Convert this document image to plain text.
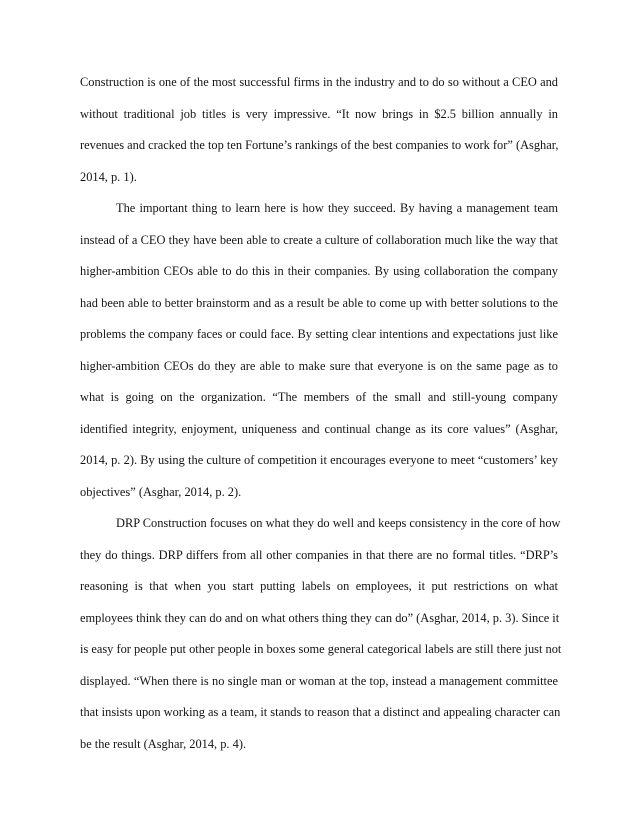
Construction is one of the most successful firms in the industry and to do so without a CEO and
without traditional job titles is very impressive. “It now brings in $2.5 billion annually in
revenues and cracked the top ten Fortune’s rankings of the best companies to work for” (Asghar,
2014, p. 1).
The important thing to learn here is how they succeed. By having a management team
instead of a CEO they have been able to create a culture of collaboration much like the way that
higher-ambition CEOs able to do this in their companies. By using collaboration the company
had been able to better brainstorm and as a result be able to come up with better solutions to the
problems the company faces or could face. By setting clear intentions and expectations just like
higher-ambition CEOs do they are able to make sure that everyone is on the same page as to
what is going on the organization. “The members of the small and still-young company
identified integrity, enjoyment, uniqueness and continual change as its core values” (Asghar,
2014, p. 2). By using the culture of competition it encourages everyone to meet “customers’ key
objectives” (Asghar, 2014, p. 2).
DRP Construction focuses on what they do well and keeps consistency in the core of how
they do things. DRP differs from all other companies in that there are no formal titles. “DRP’s
reasoning is that when you start putting labels on employees, it put restrictions on what
employees think they can do and on what others thing they can do” (Asghar, 2014, p. 3). Since it
is easy for people put other people in boxes some general categorical labels are still there just not
displayed. “When there is no single man or woman at the top, instead a management committee
that insists upon working as a team, it stands to reason that a distinct and appealing character can
be the result (Asghar, 2014, p. 4).
